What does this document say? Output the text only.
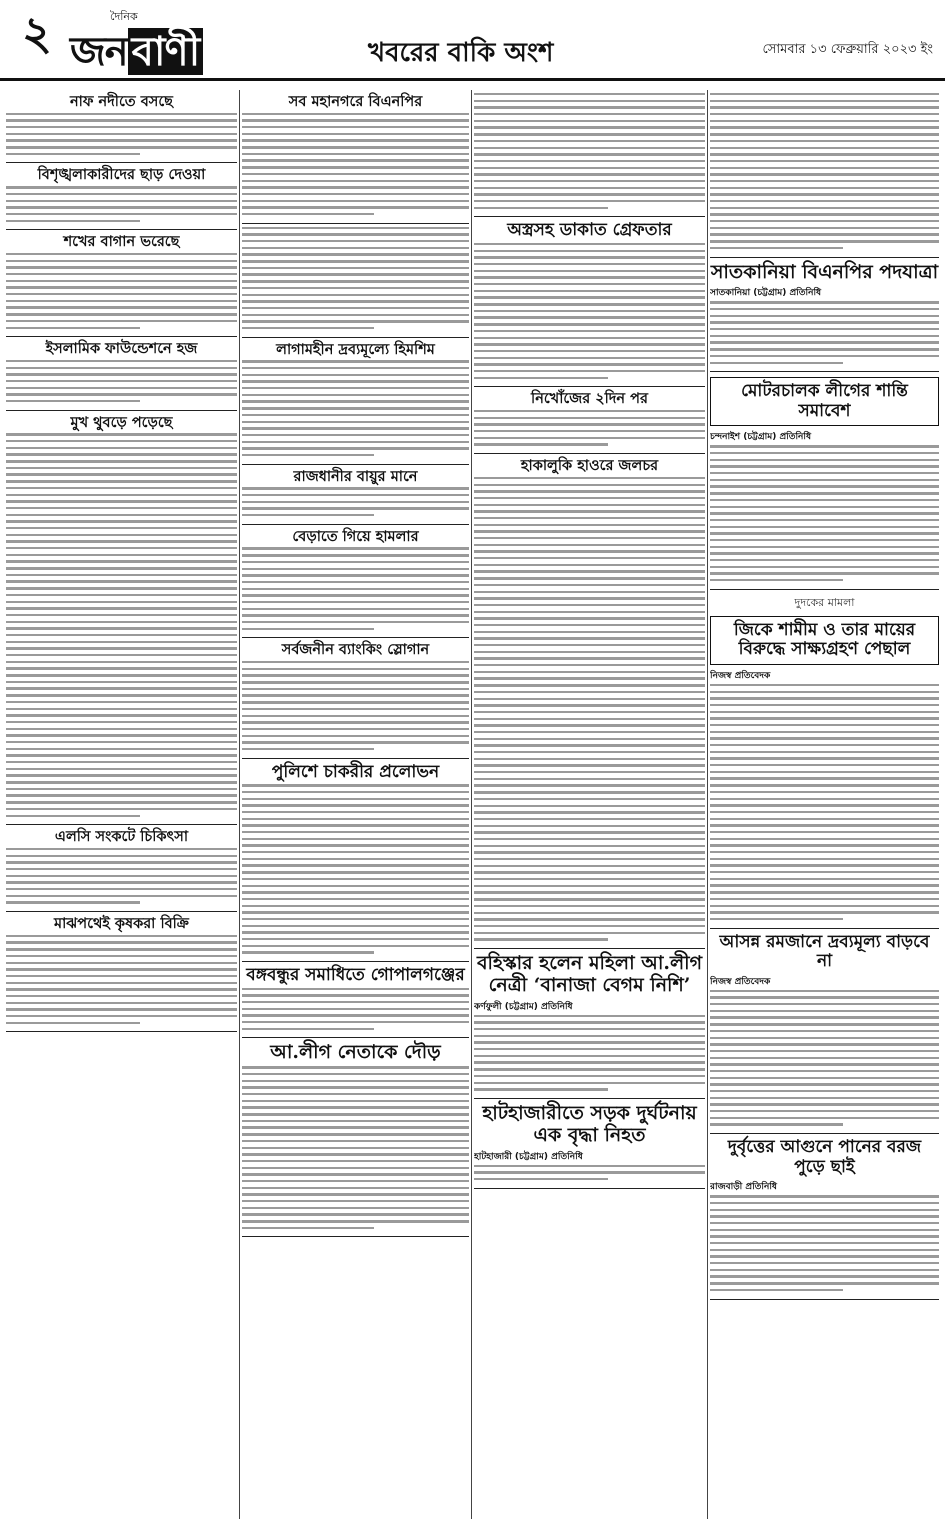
২	দৈনিক
জন বাণী	খবরের বাকি অংশ	সোমবার ১৩ ফেব্রুয়ারি ২০২৩ ইং
নাফ নদীতে বসছে
বিশৃঙ্খলাকারীদের ছাড় দেওয়া
শখের বাগান ভরেছে
ইসলামিক ফাউন্ডেশনে হজ
মুখ থুবড়ে পড়েছে
এলসি সংকটে চিকিৎসা
মাঝপথেই কৃষকরা বিক্রি
সব মহানগরে বিএনপির
লাগামহীন দ্রব্যমূল্যে হিমশিম
রাজধানীর বায়ুর মানে
বেড়াতে গিয়ে হামলার
সর্বজনীন ব্যাংকিং স্লোগান
পুলিশে চাকরীর প্রলোভন
বঙ্গবন্ধুর সমাধিতে গোপালগঞ্জের
আ.লীগ নেতাকে দৌড়
অস্ত্রসহ ডাকাত গ্রেফতার
নিখোঁজের ২দিন পর
হাকালুকি হাওরে জলচর
বহিস্কার হলেন মহিলা আ.লীগ নেত্রী ‘বানাজা বেগম নিশি’
কর্ণফুলী (চট্টগ্রাম) প্রতিনিধি
হাটহাজারীতে সড়ক দুর্ঘটনায় এক বৃদ্ধা নিহত
হাটহাজারী (চট্টগ্রাম) প্রতিনিধি
সাতকানিয়া বিএনপির পদযাত্রা
সাতকানিয়া (চট্টগ্রাম) প্রতিনিধি
মোটরচালক লীগের শান্তি সমাবেশ
চন্দনাইশ (চট্টগ্রাম) প্রতিনিধি
দুদকের মামলা
জিকে শামীম ও তার মায়ের বিরুদ্ধে সাক্ষ্যগ্রহণ পেছাল
নিজস্ব প্রতিবেদক
আসন্ন রমজানে দ্রব্যমূল্য বাড়বে না
নিজস্ব প্রতিবেদক
দুর্বৃত্তের আগুনে পানের বরজ পুড়ে ছাই
রাজবাড়ী প্রতিনিধি
